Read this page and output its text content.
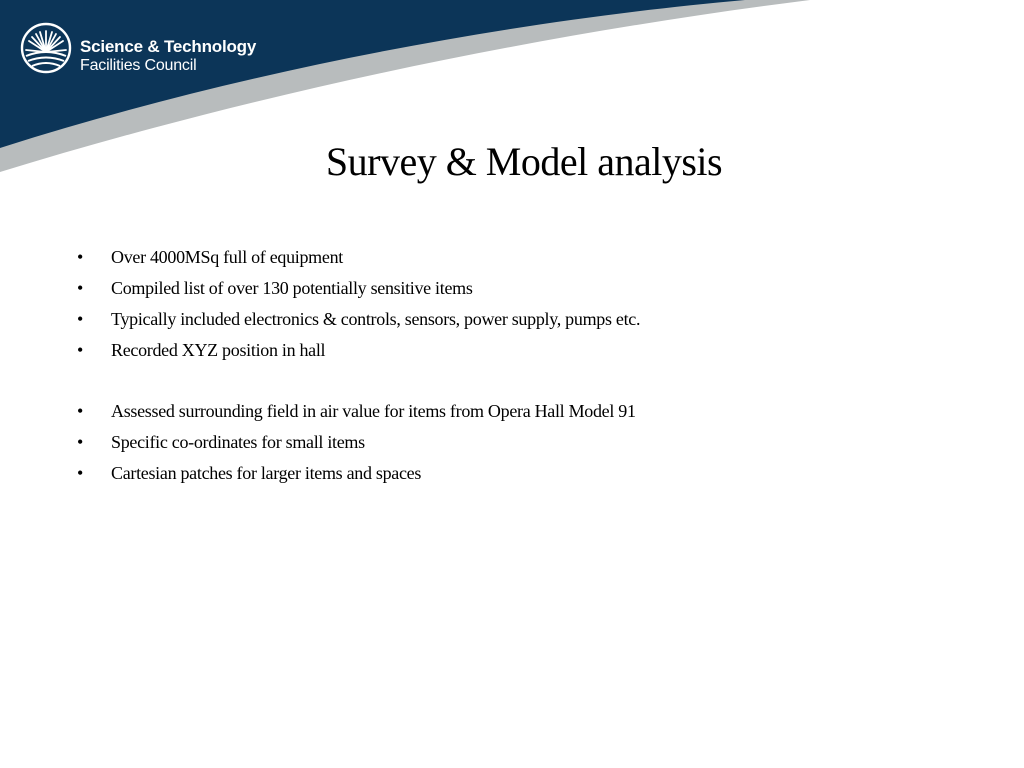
Science & Technology
Facilities Council
Survey & Model analysis
• Over 4000MSq full of equipment
• Compiled list of over 130 potentially sensitive items
• Typically included electronics & controls, sensors, power supply, pumps etc.
• Recorded XYZ position in hall
• Assessed surrounding field in air value for items from Opera Hall Model 91
• Specific co-ordinates for small items
• Cartesian patches for larger items and spaces
